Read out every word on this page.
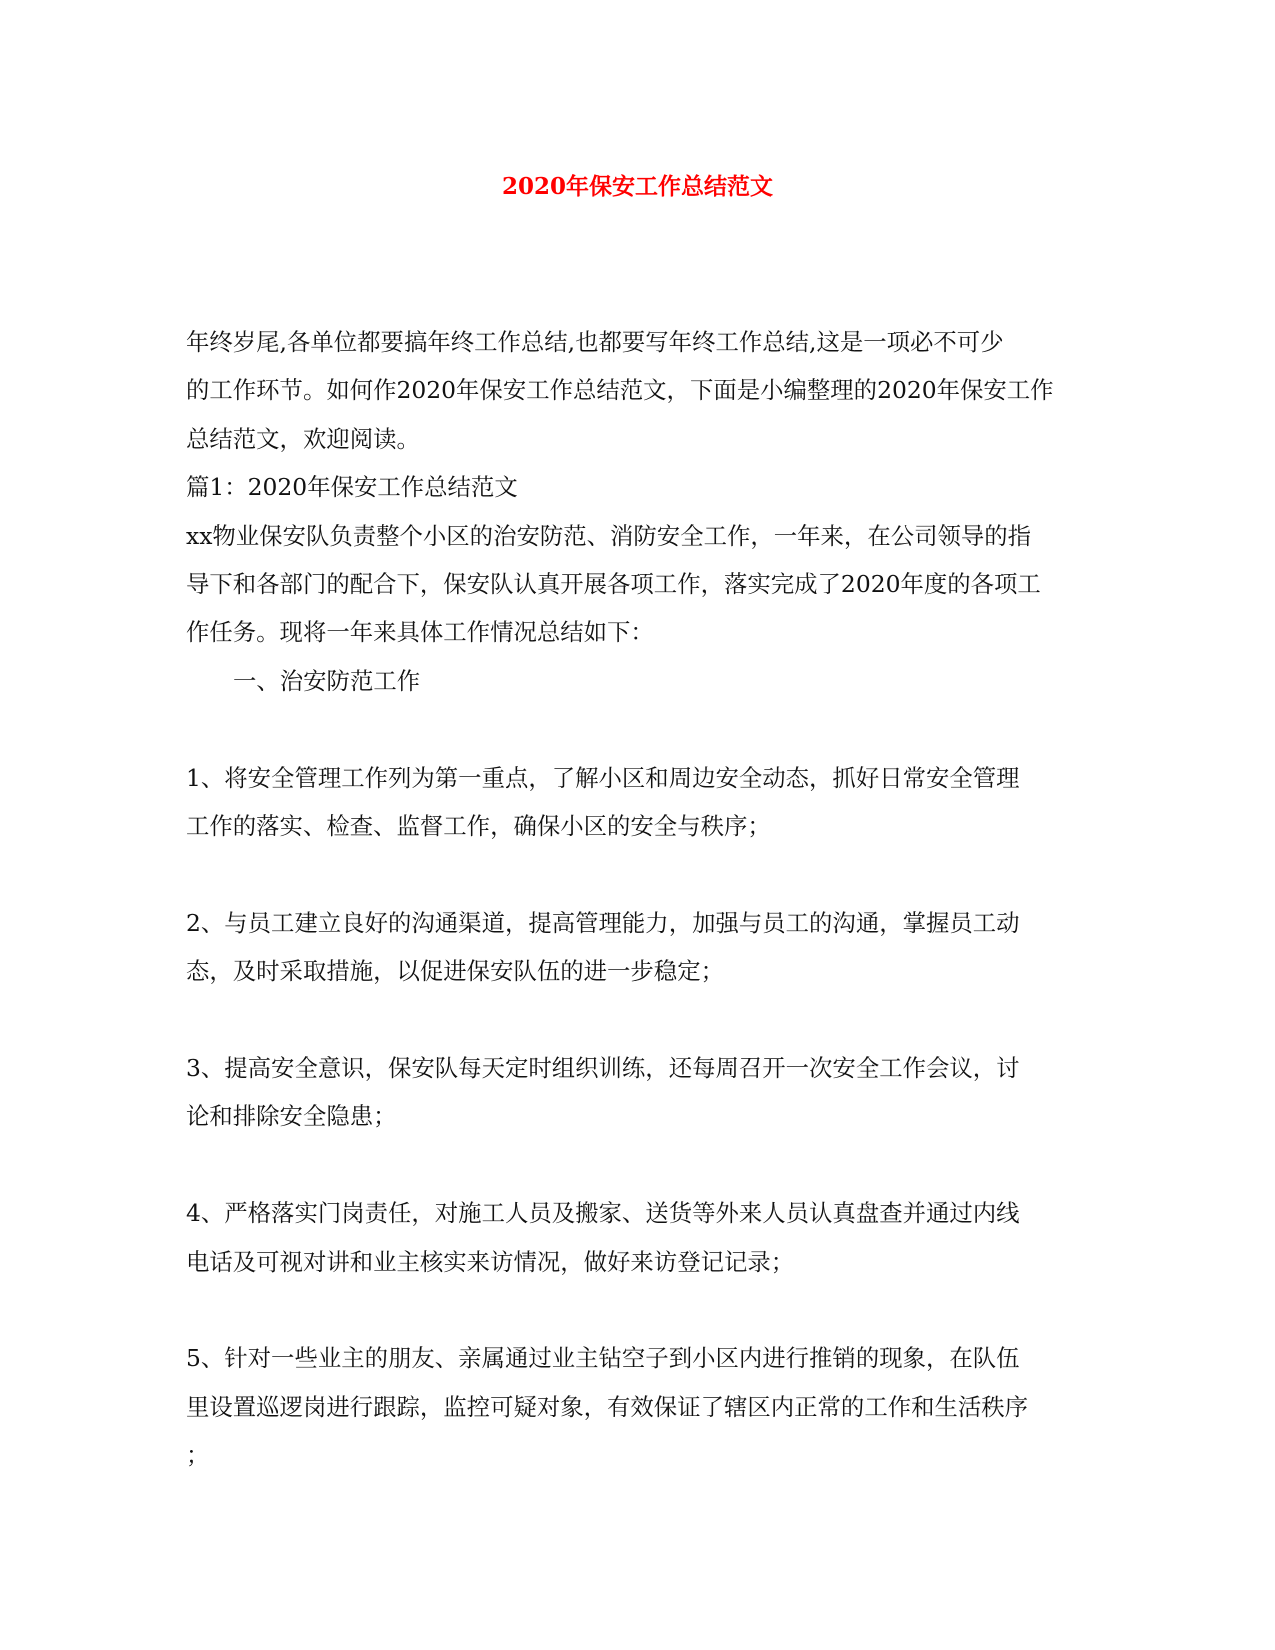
2020年保安工作总结范文

年终岁尾,各单位都要搞年终工作总结,也都要写年终工作总结,这是一项必不可少

的工作环节。如何作2020年保安工作总结范文，下面是小编整理的2020年保安工作

总结范文，欢迎阅读。

篇1：2020年保安工作总结范文

xx物业保安队负责整个小区的治安防范、消防安全工作，一年来，在公司领导的指

导下和各部门的配合下，保安队认真开展各项工作，落实完成了2020年度的各项工

作任务。现将一年来具体工作情况总结如下：

一、治安防范工作

1、将安全管理工作列为第一重点，了解小区和周边安全动态，抓好日常安全管理

工作的落实、检查、监督工作，确保小区的安全与秩序；

2、与员工建立良好的沟通渠道，提高管理能力，加强与员工的沟通，掌握员工动

态，及时采取措施，以促进保安队伍的进一步稳定；

3、提高安全意识，保安队每天定时组织训练，还每周召开一次安全工作会议，讨

论和排除安全隐患；

4、严格落实门岗责任，对施工人员及搬家、送货等外来人员认真盘查并通过内线

电话及可视对讲和业主核实来访情况，做好来访登记记录；

5、针对一些业主的朋友、亲属通过业主钻空子到小区内进行推销的现象，在队伍

里设置巡逻岗进行跟踪，监控可疑对象，有效保证了辖区内正常的工作和生活秩序

；
